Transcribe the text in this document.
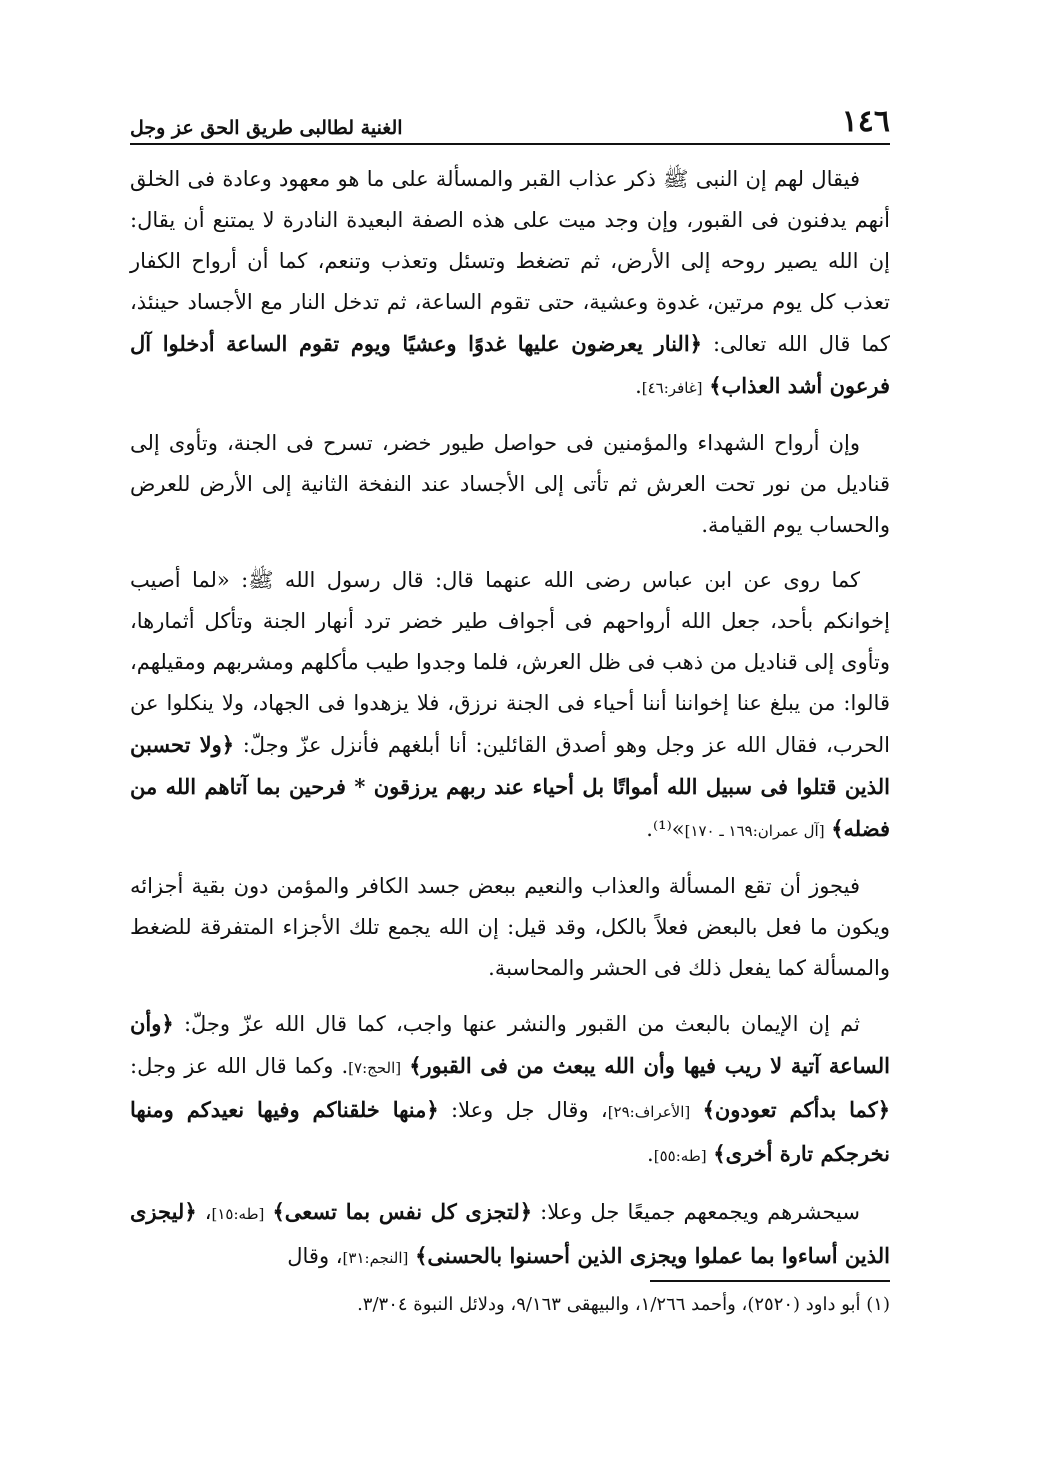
١٤٦
الغنية لطالبى طريق الحق عز وجل

فيقال لهم إن النبى ﷺ ذكر عذاب القبر والمسألة على ما هو معهود وعادة فى الخلق أنهم يدفنون فى القبور، وإن وجد ميت على هذه الصفة البعيدة النادرة لا يمتنع أن يقال: إن الله يصير روحه إلى الأرض، ثم تضغط وتسئل وتعذب وتنعم، كما أن أرواح الكفار تعذب كل يوم مرتين، غدوة وعشية، حتى تقوم الساعة، ثم تدخل النار مع الأجساد حينئذ، كما قال الله تعالى: ﴿النار يعرضون عليها غدوًا وعشيًا ويوم تقوم الساعة أدخلوا آل فرعون أشد العذاب﴾ [غافر:٤٦].

وإن أرواح الشهداء والمؤمنين فى حواصل طيور خضر، تسرح فى الجنة، وتأوى إلى قناديل من نور تحت العرش ثم تأتى إلى الأجساد عند النفخة الثانية إلى الأرض للعرض والحساب يوم القيامة.

كما روى عن ابن عباس رضى الله عنهما قال: قال رسول الله ﷺ: «لما أصيب إخوانكم بأحد، جعل الله أرواحهم فى أجواف طير خضر ترد أنهار الجنة وتأكل أثمارها، وتأوى إلى قناديل من ذهب فى ظل العرش، فلما وجدوا طيب مأكلهم ومشربهم ومقيلهم، قالوا: من يبلغ عنا إخواننا أننا أحياء فى الجنة نرزق، فلا يزهدوا فى الجهاد، ولا ينكلوا عن الحرب، فقال الله عز وجل وهو أصدق القائلين: أنا أبلغهم فأنزل عزّ وجلّ: ﴿ولا تحسبن الذين قتلوا فى سبيل الله أمواتًا بل أحياء عند ربهم يرزقون * فرحين بما آتاهم الله من فضله﴾ [آل عمران:١٦٩ ـ ١٧٠]»⁽¹⁾.

فيجوز أن تقع المسألة والعذاب والنعيم ببعض جسد الكافر والمؤمن دون بقية أجزائه ويكون ما فعل بالبعض فعلاً بالكل، وقد قيل: إن الله يجمع تلك الأجزاء المتفرقة للضغط والمسألة كما يفعل ذلك فى الحشر والمحاسبة.

ثم إن الإيمان بالبعث من القبور والنشر عنها واجب، كما قال الله عزّ وجلّ: ﴿وأن الساعة آتية لا ريب فيها وأن الله يبعث من فى القبور﴾ [الحج:٧]. وكما قال الله عز وجل: ﴿كما بدأكم تعودون﴾ [الأعراف:٢٩]، وقال جل وعلا: ﴿منها خلقناكم وفيها نعيدكم ومنها نخرجكم تارة أخرى﴾ [طه:٥٥].

سيحشرهم ويجمعهم جميعًا جل وعلا: ﴿لتجزى كل نفس بما تسعى﴾ [طه:١٥]، ﴿ليجزى الذين أساءوا بما عملوا ويجزى الذين أحسنوا بالحسنى﴾ [النجم:٣١]، وقال

(١) أبو داود (٢٥٢٠)، وأحمد ١/٢٦٦، والبيهقى ٩/١٦٣، ودلائل النبوة ٣/٣٠٤.
